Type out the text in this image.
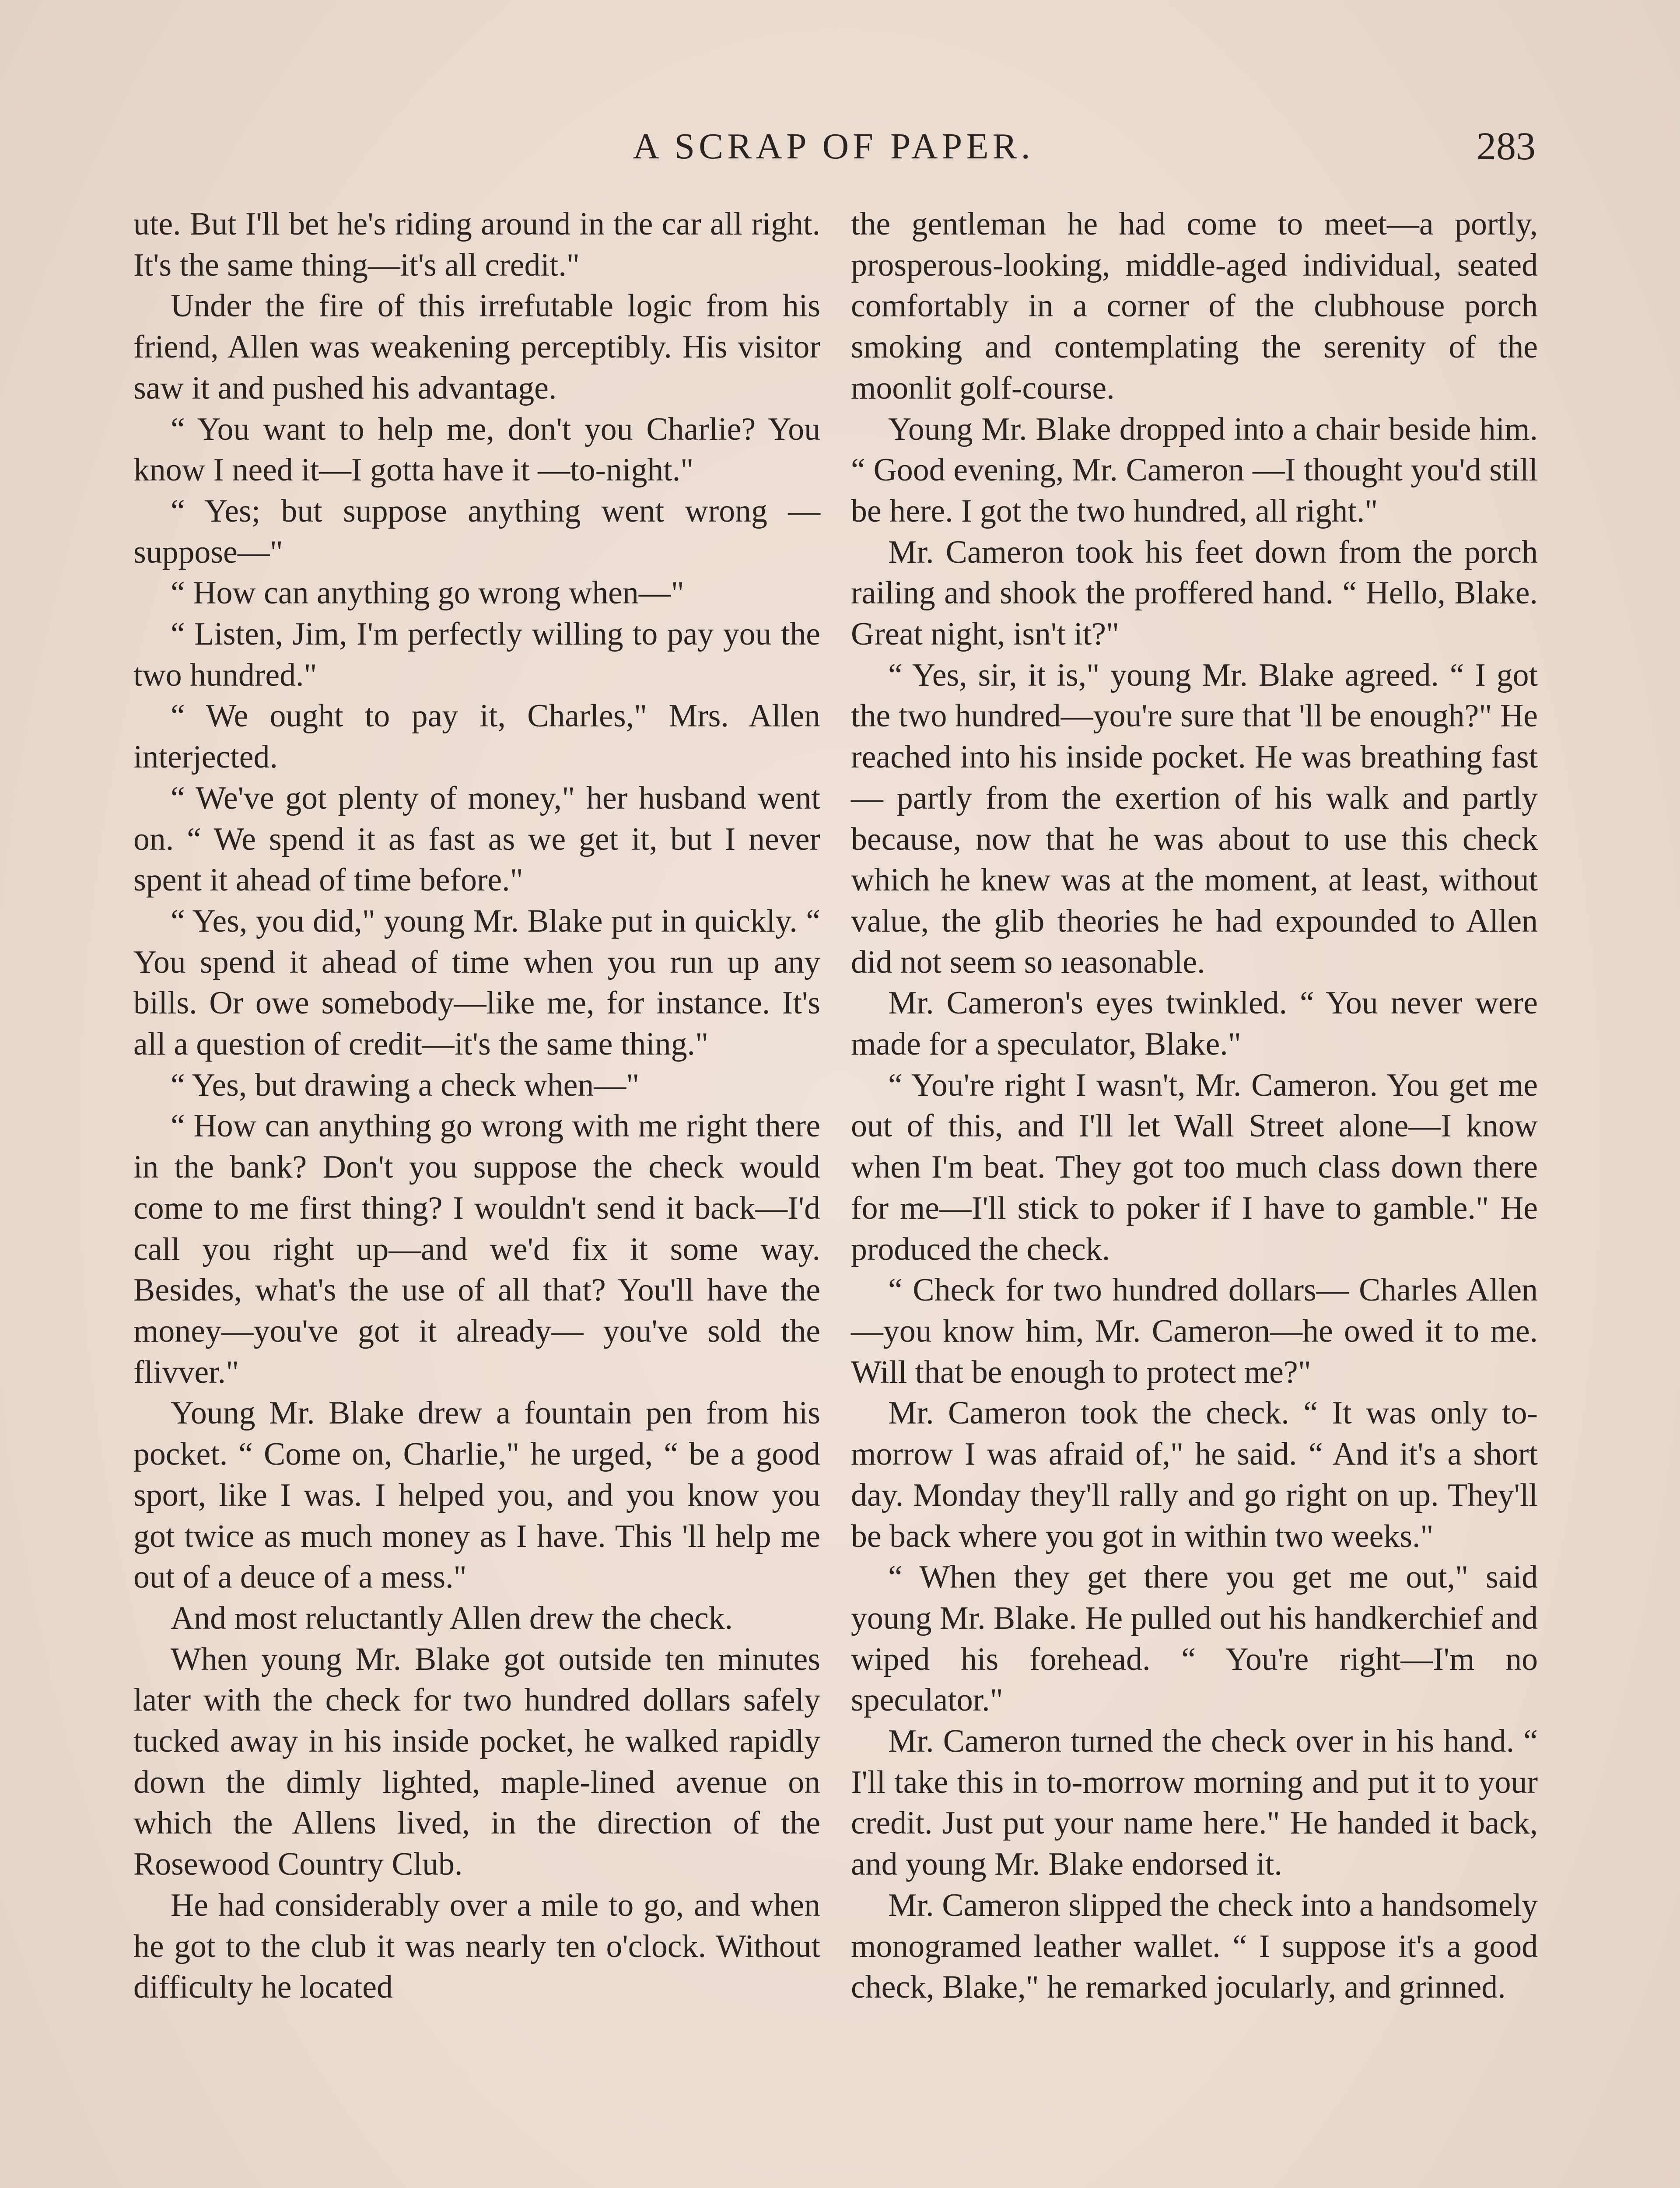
A SCRAP OF PAPER.	283

ute. But I'll bet he's riding around in the car all right. It's the same thing—it's all credit."

Under the fire of this irrefutable logic from his friend, Allen was weakening perceptibly. His visitor saw it and pushed his advantage.

“ You want to help me, don't you Charlie? You know I need it—I gotta have it —to-night."

“ Yes; but suppose anything went wrong —suppose—"

“ How can anything go wrong when—"

“ Listen, Jim, I'm perfectly willing to pay you the two hundred."

“ We ought to pay it, Charles," Mrs. Allen interjected.

“ We've got plenty of money," her husband went on. “ We spend it as fast as we get it, but I never spent it ahead of time before."

“ Yes, you did," young Mr. Blake put in quickly. “ You spend it ahead of time when you run up any bills. Or owe somebody—like me, for instance. It's all a question of credit—it's the same thing."

“ Yes, but drawing a check when—"

“ How can anything go wrong with me right there in the bank? Don't you suppose the check would come to me first thing? I wouldn't send it back—I'd call you right up—and we'd fix it some way. Besides, what's the use of all that? You'll have the money—you've got it already— you've sold the flivver."

Young Mr. Blake drew a fountain pen from his pocket. “ Come on, Charlie," he urged, “ be a good sport, like I was. I helped you, and you know you got twice as much money as I have. This 'll help me out of a deuce of a mess."

And most reluctantly Allen drew the check.

When young Mr. Blake got outside ten minutes later with the check for two hundred dollars safely tucked away in his inside pocket, he walked rapidly down the dimly lighted, maple-lined avenue on which the Allens lived, in the direction of the Rosewood Country Club.

He had considerably over a mile to go, and when he got to the club it was nearly ten o'clock. Without difficulty he located

the gentleman he had come to meet—a portly, prosperous-looking, middle-aged individual, seated comfortably in a corner of the clubhouse porch smoking and contemplating the serenity of the moonlit golf-course.

Young Mr. Blake dropped into a chair beside him. “ Good evening, Mr. Cameron —I thought you'd still be here. I got the two hundred, all right."

Mr. Cameron took his feet down from the porch railing and shook the proffered hand. “ Hello, Blake. Great night, isn't it?"

“ Yes, sir, it is," young Mr. Blake agreed. “ I got the two hundred—you're sure that 'll be enough?" He reached into his inside pocket. He was breathing fast— partly from the exertion of his walk and partly because, now that he was about to use this check which he knew was at the moment, at least, without value, the glib theories he had expounded to Allen did not seem so ıeasonable.

Mr. Cameron's eyes twinkled. “ You never were made for a speculator, Blake."

“ You're right I wasn't, Mr. Cameron. You get me out of this, and I'll let Wall Street alone—I know when I'm beat. They got too much class down there for me—I'll stick to poker if I have to gamble." He produced the check.

“ Check for two hundred dollars— Charles Allen—you know him, Mr. Cameron—he owed it to me. Will that be enough to protect me?"

Mr. Cameron took the check. “ It was only to-morrow I was afraid of," he said. “ And it's a short day. Monday they'll rally and go right on up. They'll be back where you got in within two weeks."

“ When they get there you get me out," said young Mr. Blake. He pulled out his handkerchief and wiped his forehead. “ You're right—I'm no speculator."

Mr. Cameron turned the check over in his hand. “ I'll take this in to-morrow morning and put it to your credit. Just put your name here." He handed it back, and young Mr. Blake endorsed it.

Mr. Cameron slipped the check into a handsomely monogramed leather wallet. “ I suppose it's a good check, Blake," he remarked jocularly, and grinned.
